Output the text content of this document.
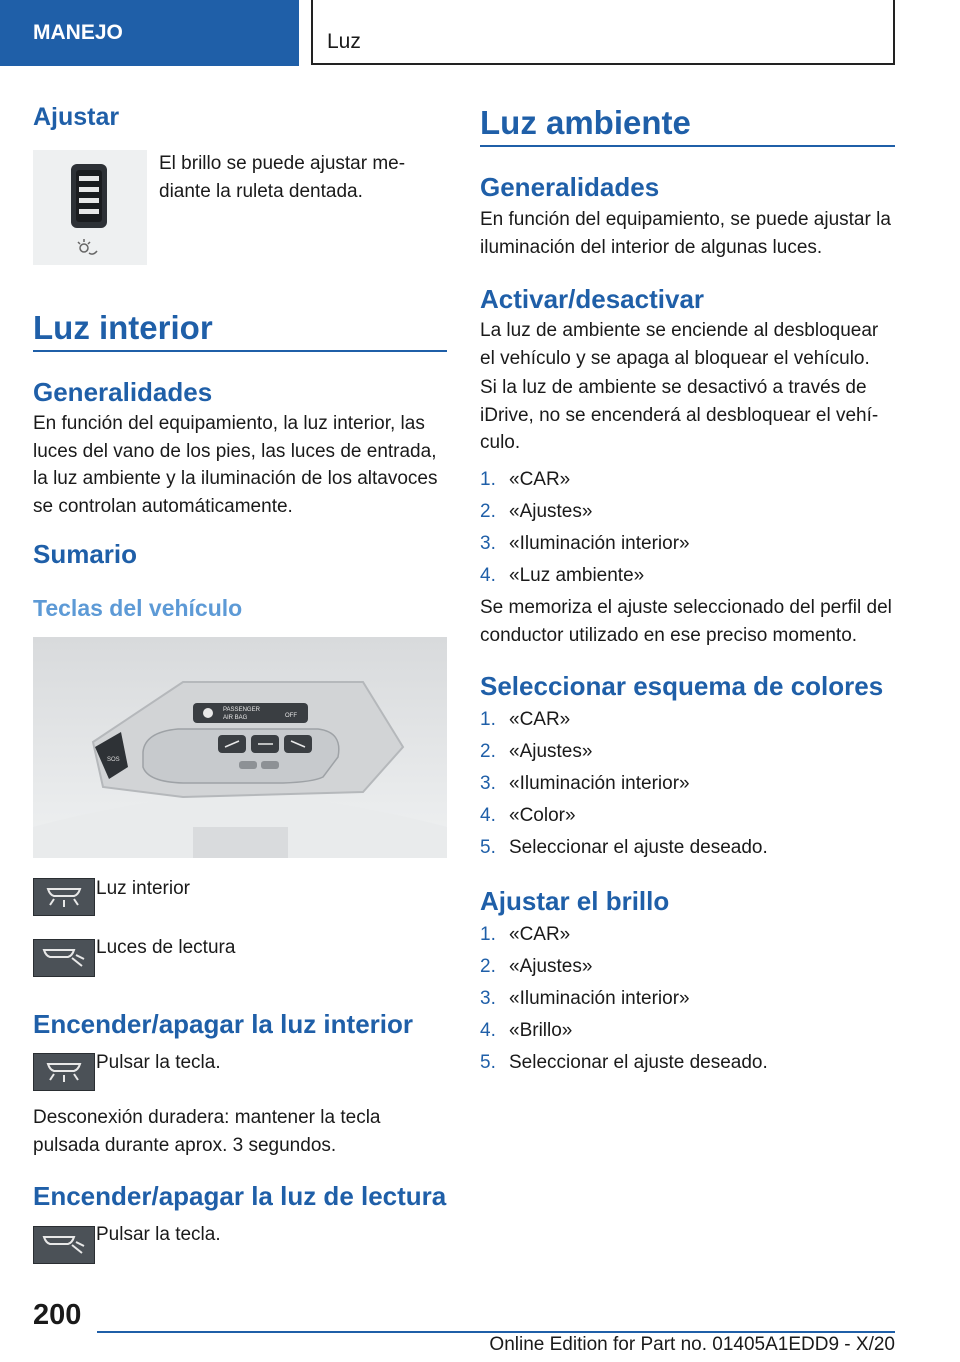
MANEJO	Luz
Ajustar
El brillo se puede ajustar mediante la ruleta dentada.
Luz interior
Generalidades
En función del equipamiento, la luz interior, las luces del vano de los pies, las luces de entrada, la luz ambiente y la iluminación de los altavoces se controlan automáticamente.
Sumario
Teclas del vehículo
PASSENGER
AIR BAG	OFF
SOS
Luz interior
Luces de lectura
Encender/apagar la luz interior
Pulsar la tecla.
Desconexión duradera: mantener la tecla pulsada durante aprox. 3 segundos.
Encender/apagar la luz de lectura
Pulsar la tecla.
Luz ambiente
Generalidades
En función del equipamiento, se puede ajustar la iluminación del interior de algunas luces.
Activar/desactivar
La luz de ambiente se enciende al desbloquear el vehículo y se apaga al bloquear el vehículo.
Si la luz de ambiente se desactivó a través de iDrive, no se encenderá al desbloquear el vehículo.
1. «CAR»
2. «Ajustes»
3. «Iluminación interior»
4. «Luz ambiente»
Se memoriza el ajuste seleccionado del perfil del conductor utilizado en ese preciso momento.
Seleccionar esquema de colores
1. «CAR»
2. «Ajustes»
3. «Iluminación interior»
4. «Color»
5. Seleccionar el ajuste deseado.
Ajustar el brillo
1. «CAR»
2. «Ajustes»
3. «Iluminación interior»
4. «Brillo»
5. Seleccionar el ajuste deseado.
200
Online Edition for Part no. 01405A1EDD9 - X/20
